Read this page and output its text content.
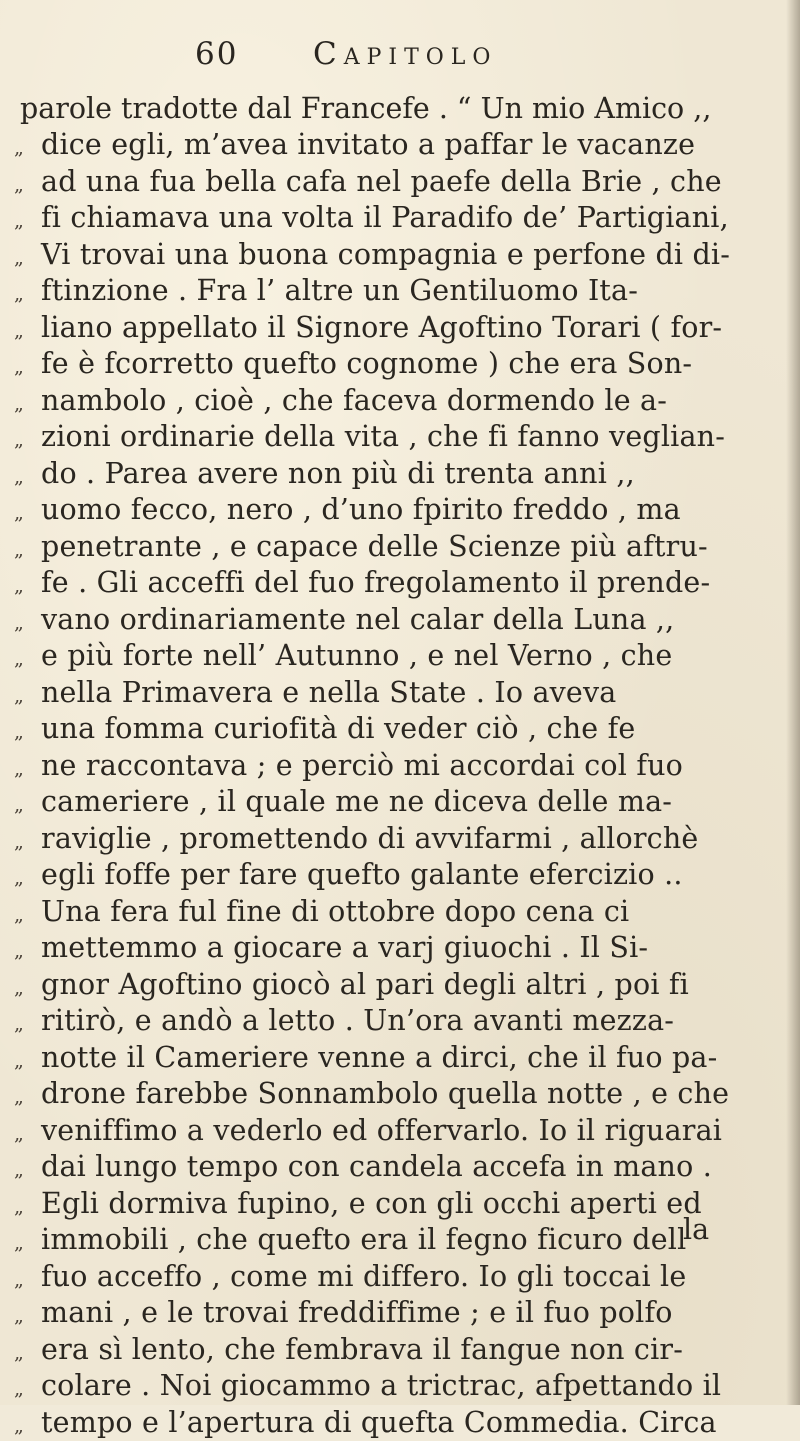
60 Capitolo
parole tradotte dal Francefe . “ Un mio Amico ,,
„ dice egli, m’avea invitato a paffar le vacanze
„ ad una fua bella cafa nel paefe della Brie , che
„ fi chiamava una volta il Paradifo de’ Partigiani,
„ Vi trovai una buona compagnia e perfone di di-
„ ftinzione . Fra l’ altre un Gentiluomo Ita-
„ liano appellato il Signore Agoftino Torari ( for-
„ fe è fcorretto quefto cognome ) che era Son-
„ nambolo , cioè , che faceva dormendo le a-
„ zioni ordinarie della vita , che fi fanno veglian-
„ do . Parea avere non più di trenta anni ,,
„ uomo fecco, nero , d’uno fpirito freddo , ma
„ penetrante , e capace delle Scienze più aftru-
„ fe . Gli acceffi del fuo fregolamento il prende-
„ vano ordinariamente nel calar della Luna ,,
„ e più forte nell’ Autunno , e nel Verno , che
„ nella Primavera e nella State . Io aveva
„ una fomma curiofità di veder ciò , che fe
„ ne raccontava ; e perciò mi accordai col fuo
„ cameriere , il quale me ne diceva delle ma-
„ raviglie , promettendo di avvifarmi , allorchè
„ egli foffe per fare quefto galante efercizio ..
„ Una fera ful fine di ottobre dopo cena ci
„ mettemmo a giocare a varj giuochi . Il Si-
„ gnor Agoftino giocò al pari degli altri , poi fi
„ ritirò, e andò a letto . Un’ora avanti mezza-
„ notte il Cameriere venne a dirci, che il fuo pa-
„ drone farebbe Sonnambolo quella notte , e che
„ veniffimo a vederlo ed offervarlo. Io il riguarai
„ dai lungo tempo con candela accefa in mano .
„ Egli dormiva fupino, e con gli occhi aperti ed
„ immobili , che quefto era il fegno ficuro dell
„ fuo acceffo , come mi differo. Io gli toccai le
„ mani , e le trovai freddiffime ; e il fuo polfo
„ era sì lento, che fembrava il fangue non cir-
„ colare . Noi giocammo a trictrac, afpettando il
„ tempo e l’apertura di quefta Commedia. Circa
la
